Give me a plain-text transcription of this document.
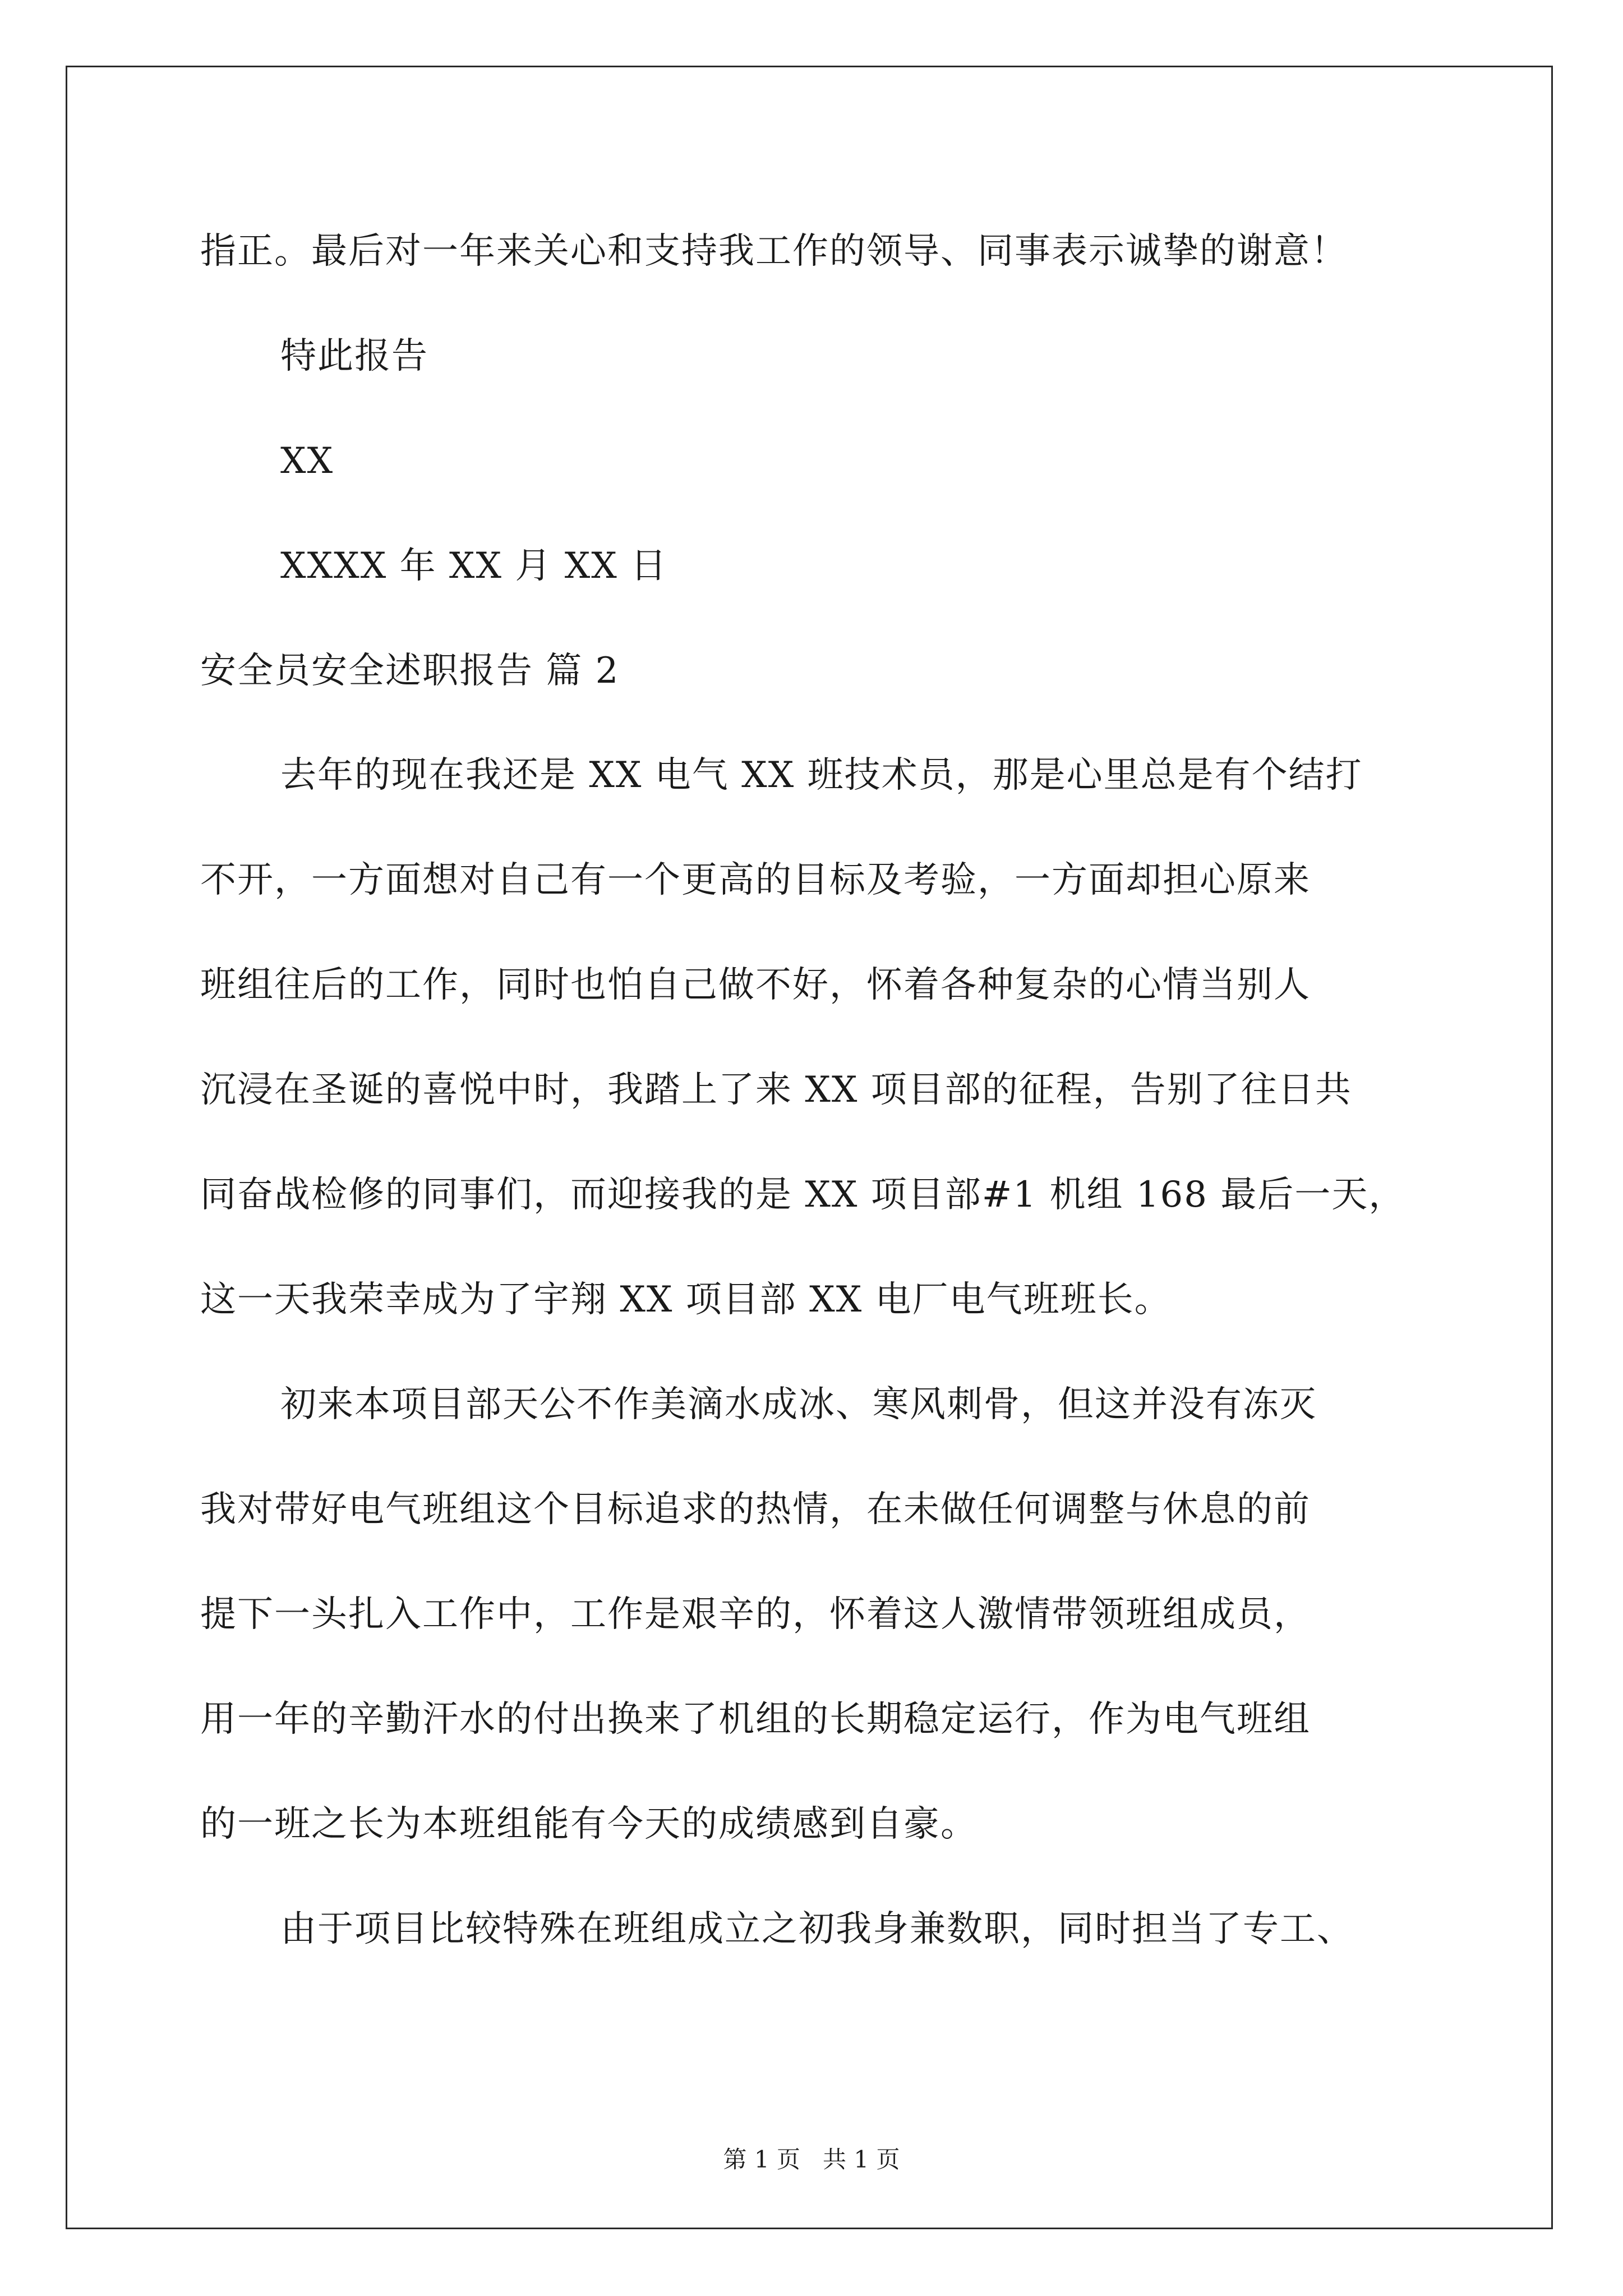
指正。最后对一年来关心和支持我工作的领导、同事表示诚挚的谢意！
特此报告
XX
XXXX 年 XX 月 XX 日
安全员安全述职报告 篇 2
去年的现在我还是 XX 电气 XX 班技术员，那是心里总是有个结打
不开，一方面想对自己有一个更高的目标及考验，一方面却担心原来
班组往后的工作，同时也怕自己做不好，怀着各种复杂的心情当别人
沉浸在圣诞的喜悦中时，我踏上了来 XX 项目部的征程，告别了往日共
同奋战检修的同事们，而迎接我的是 XX 项目部#1 机组 168 最后一天，
这一天我荣幸成为了宇翔 XX 项目部 XX 电厂电气班班长。
初来本项目部天公不作美滴水成冰、寒风刺骨，但这并没有冻灭
我对带好电气班组这个目标追求的热情，在未做任何调整与休息的前
提下一头扎入工作中，工作是艰辛的，怀着这人激情带领班组成员，
用一年的辛勤汗水的付出换来了机组的长期稳定运行，作为电气班组
的一班之长为本班组能有今天的成绩感到自豪。
由于项目比较特殊在班组成立之初我身兼数职，同时担当了专工、
第 1 页   共 1 页
